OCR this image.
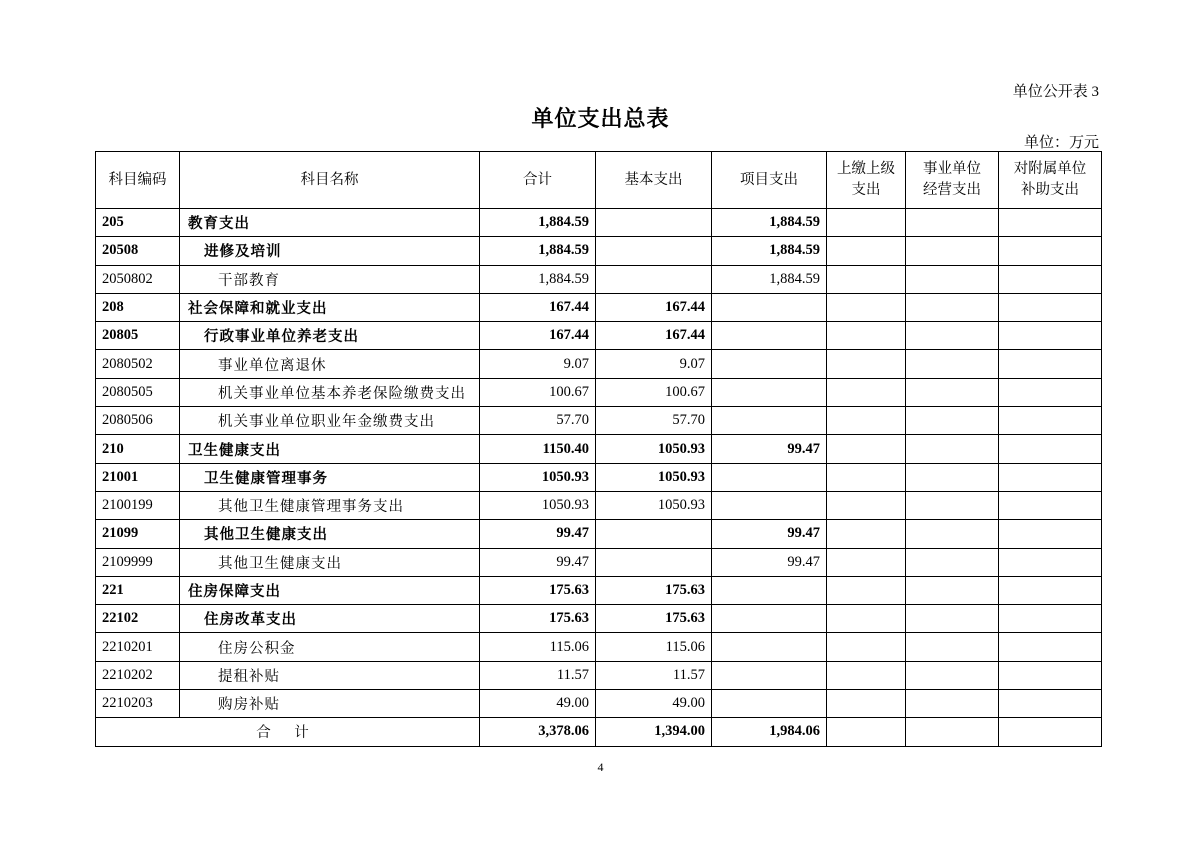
单位公开表 3
单位支出总表
单位：万元
科目编码	科目名称	合计	基本支出	项目支出	上缴上级支出	事业单位经营支出	对附属单位补助支出
205	教育支出	1,884.59		1,884.59			
20508	进修及培训	1,884.59		1,884.59			
2050802	干部教育	1,884.59		1,884.59			
208	社会保障和就业支出	167.44	167.44				
20805	行政事业单位养老支出	167.44	167.44				
2080502	事业单位离退休	9.07	9.07				
2080505	机关事业单位基本养老保险缴费支出	100.67	100.67				
2080506	机关事业单位职业年金缴费支出	57.70	57.70				
210	卫生健康支出	1150.40	1050.93	99.47			
21001	卫生健康管理事务	1050.93	1050.93				
2100199	其他卫生健康管理事务支出	1050.93	1050.93				
21099	其他卫生健康支出	99.47		99.47			
2109999	其他卫生健康支出	99.47		99.47			
221	住房保障支出	175.63	175.63				
22102	住房改革支出	175.63	175.63				
2210201	住房公积金	115.06	115.06				
2210202	提租补贴	11.57	11.57				
2210203	购房补贴	49.00	49.00				
合 计		3,378.06	1,394.00	1,984.06			
4
